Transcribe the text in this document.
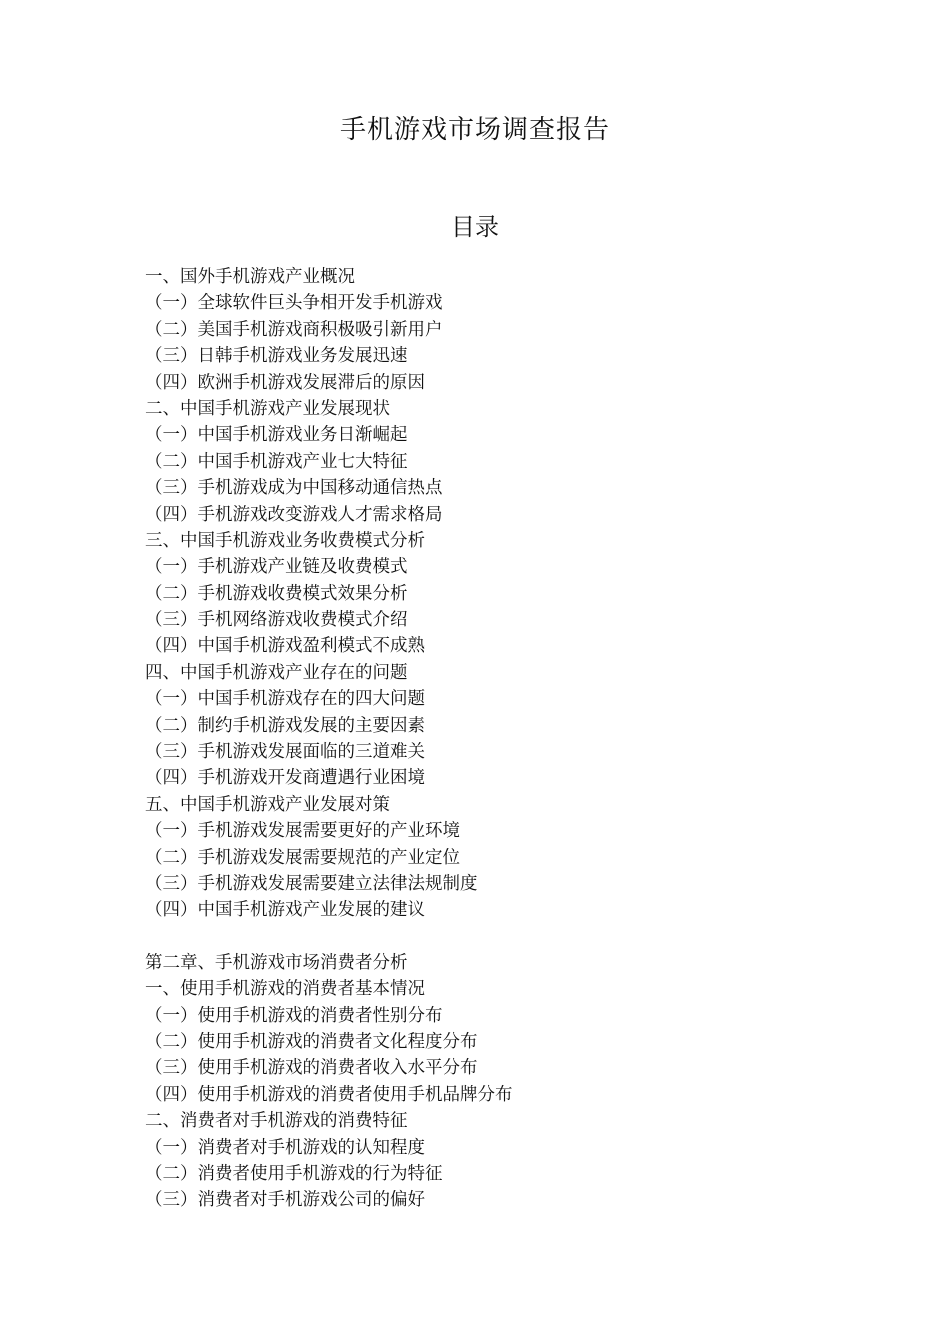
手机游戏市场调查报告
目录
一、国外手机游戏产业概况
（一）全球软件巨头争相开发手机游戏
（二）美国手机游戏商积极吸引新用户
（三）日韩手机游戏业务发展迅速
（四）欧洲手机游戏发展滞后的原因
二、中国手机游戏产业发展现状
（一）中国手机游戏业务日渐崛起
（二）中国手机游戏产业七大特征
（三）手机游戏成为中国移动通信热点
（四）手机游戏改变游戏人才需求格局
三、中国手机游戏业务收费模式分析
（一）手机游戏产业链及收费模式
（二）手机游戏收费模式效果分析
（三）手机网络游戏收费模式介绍
（四）中国手机游戏盈利模式不成熟
四、中国手机游戏产业存在的问题
（一）中国手机游戏存在的四大问题
（二）制约手机游戏发展的主要因素
（三）手机游戏发展面临的三道难关
（四）手机游戏开发商遭遇行业困境
五、中国手机游戏产业发展对策
（一）手机游戏发展需要更好的产业环境
（二）手机游戏发展需要规范的产业定位
（三）手机游戏发展需要建立法律法规制度
（四）中国手机游戏产业发展的建议
第二章、手机游戏市场消费者分析
一、使用手机游戏的消费者基本情况
（一）使用手机游戏的消费者性别分布
（二）使用手机游戏的消费者文化程度分布
（三）使用手机游戏的消费者收入水平分布
（四）使用手机游戏的消费者使用手机品牌分布
二、消费者对手机游戏的消费特征
（一）消费者对手机游戏的认知程度
（二）消费者使用手机游戏的行为特征
（三）消费者对手机游戏公司的偏好
